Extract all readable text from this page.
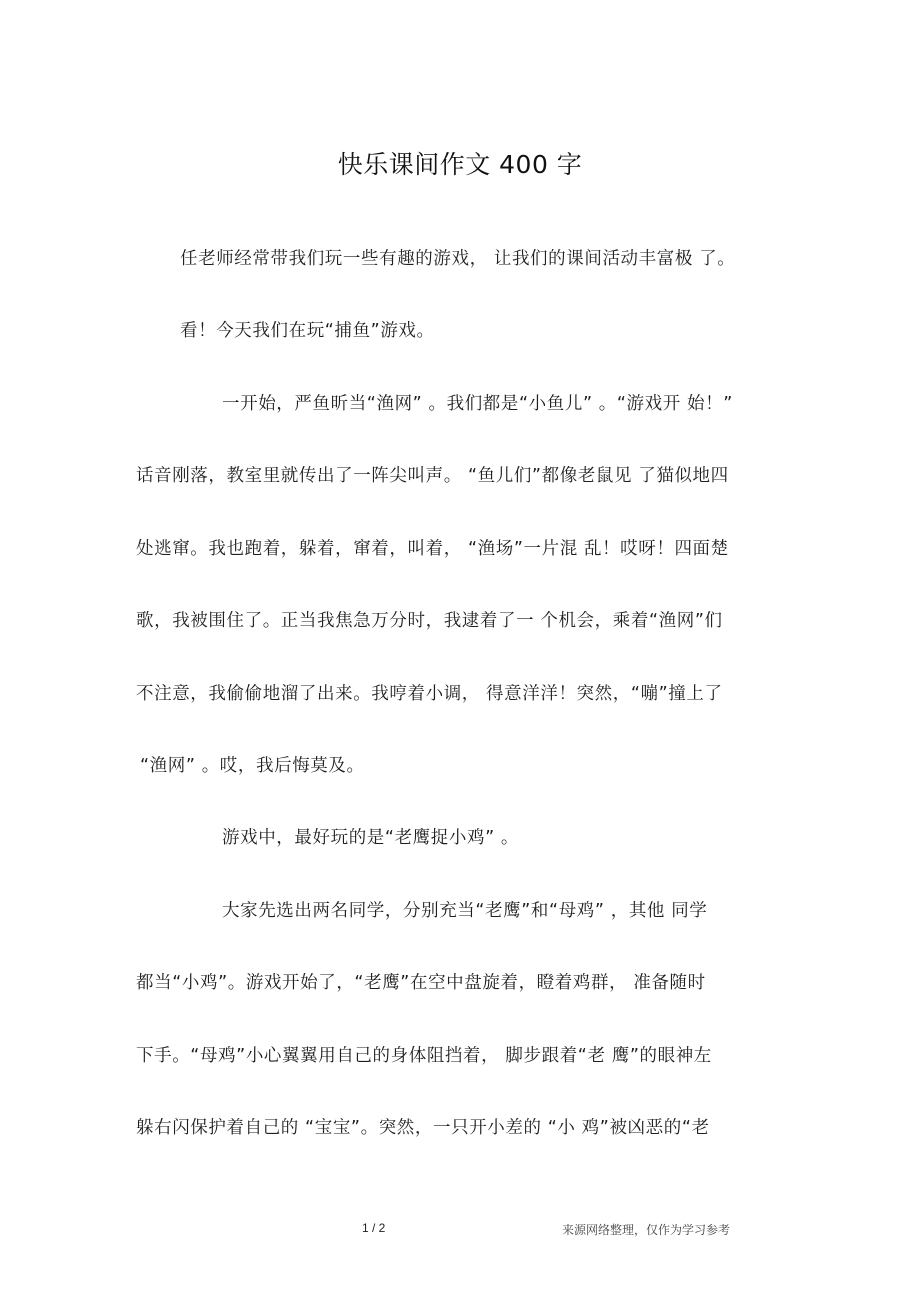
快乐课间作文 400 字
任老师经常带我们玩一些有趣的游戏， 让我们的课间活动丰富极 了。
看！今天我们在玩“捕鱼”游戏。
一开始，严鱼昕当“渔网” 。我们都是“小鱼儿” 。“游戏开 始！”
话音刚落，教室里就传出了一阵尖叫声。 “鱼儿们”都像老鼠见 了猫似地四
处逃窜。我也跑着，躲着，窜着，叫着， “渔场”一片混 乱！哎呀！四面楚
歌，我被围住了。正当我焦急万分时，我逮着了一 个机会，乘着“渔网”们
不注意，我偷偷地溜了出来。我哼着小调， 得意洋洋！突然，“嘣”撞上了
“渔网” 。哎，我后悔莫及。
游戏中，最好玩的是“老鹰捉小鸡” 。
大家先选出两名同学，分别充当“老鹰”和“母鸡” ，其他 同学
都当“小鸡”。游戏开始了，“老鹰”在空中盘旋着，瞪着鸡群， 准备随时
下手。“母鸡”小心翼翼用自己的身体阻挡着， 脚步跟着“老 鹰”的眼神左
躲右闪保护着自己的 “宝宝”。突然，一只开小差的 “小 鸡”被凶恶的“老
1 / 2	来源网络整理，仅作为学习参考
